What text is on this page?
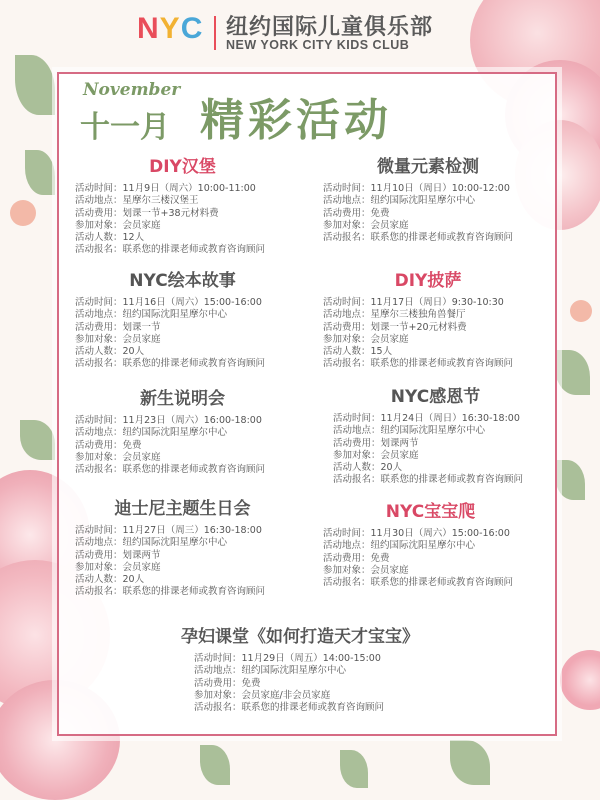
NYC 纽约国际儿童俱乐部
NEW YORK CITY KIDS CLUB
November
十一月 精彩活动
DIY汉堡
活动时间：11月9日（周六）10:00-11:00
活动地点：星摩尔三楼汉堡王
活动费用：划课一节+38元材料费
参加对象：会员家庭
活动人数：12人
活动报名：联系您的排课老师或教育咨询顾问
微量元素检测
活动时间：11月10日（周日）10:00-12:00
活动地点：纽约国际沈阳星摩尔中心
活动费用：免费
参加对象：会员家庭
活动报名：联系您的排课老师或教育咨询顾问
NYC绘本故事
活动时间：11月16日（周六）15:00-16:00
活动地点：纽约国际沈阳星摩尔中心
活动费用：划课一节
参加对象：会员家庭
活动人数：20人
活动报名：联系您的排课老师或教育咨询顾问
DIY披萨
活动时间：11月17日（周日）9:30-10:30
活动地点：星摩尔三楼独角兽餐厅
活动费用：划课一节+20元材料费
参加对象：会员家庭
活动人数：15人
活动报名：联系您的排课老师或教育咨询顾问
新生说明会
活动时间：11月23日（周六）16:00-18:00
活动地点：纽约国际沈阳星摩尔中心
活动费用：免费
参加对象：会员家庭
活动报名：联系您的排课老师或教育咨询顾问
NYC感恩节
活动时间：11月24日（周日）16:30-18:00
活动地点：纽约国际沈阳星摩尔中心
活动费用：划课两节
参加对象：会员家庭
活动人数：20人
活动报名：联系您的排课老师或教育咨询顾问
迪士尼主题生日会
活动时间：11月27日（周三）16:30-18:00
活动地点：纽约国际沈阳星摩尔中心
活动费用：划课两节
参加对象：会员家庭
活动人数：20人
活动报名：联系您的排课老师或教育咨询顾问
NYC宝宝爬
活动时间：11月30日（周六）15:00-16:00
活动地点：纽约国际沈阳星摩尔中心
活动费用：免费
参加对象：会员家庭
活动报名：联系您的排课老师或教育咨询顾问
孕妇课堂《如何打造天才宝宝》
活动时间：11月29日（周五）14:00-15:00
活动地点：纽约国际沈阳星摩尔中心
活动费用：免费
参加对象：会员家庭/非会员家庭
活动报名：联系您的排课老师或教育咨询顾问
